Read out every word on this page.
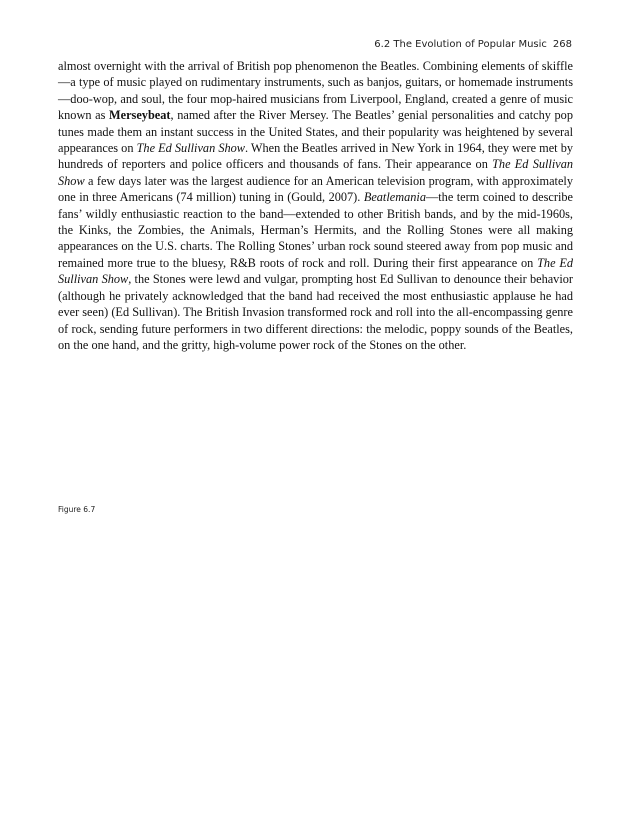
6.2 The Evolution of Popular Music 268

almost overnight with the arrival of British pop phenomenon the Beatles. Combining elements of skiffle—a type of music played on rudimentary instruments, such as banjos, guitars, or homemade instruments—doo-wop, and soul, the four mop-haired musicians from Liverpool, England, created a genre of music known as Merseybeat, named after the River Mersey. The Beatles’ genial personalities and catchy pop tunes made them an instant success in the United States, and their popularity was heightened by several appearances on The Ed Sullivan Show. When the Beatles arrived in New York in 1964, they were met by hundreds of reporters and police officers and thousands of fans. Their appearance on The Ed Sullivan Show a few days later was the largest audience for an American television program, with approximately one in three Americans (74 million) tuning in (Gould, 2007). Beatlemania—the term coined to describe fans’ wildly enthusiastic reaction to the band—extended to other British bands, and by the mid-1960s, the Kinks, the Zombies, the Animals, Herman’s Hermits, and the Rolling Stones were all making appearances on the U.S. charts. The Rolling Stones’ urban rock sound steered away from pop music and remained more true to the bluesy, R&B roots of rock and roll. During their first appearance on The Ed Sullivan Show, the Stones were lewd and vulgar, prompting host Ed Sullivan to denounce their behavior (although he privately acknowledged that the band had received the most enthusiastic applause he had ever seen) (Ed Sullivan). The British Invasion transformed rock and roll into the all-encompassing genre of rock, sending future performers in two different directions: the melodic, poppy sounds of the Beatles, on the one hand, and the gritty, high-volume power rock of the Stones on the other.

Figure 6.7
